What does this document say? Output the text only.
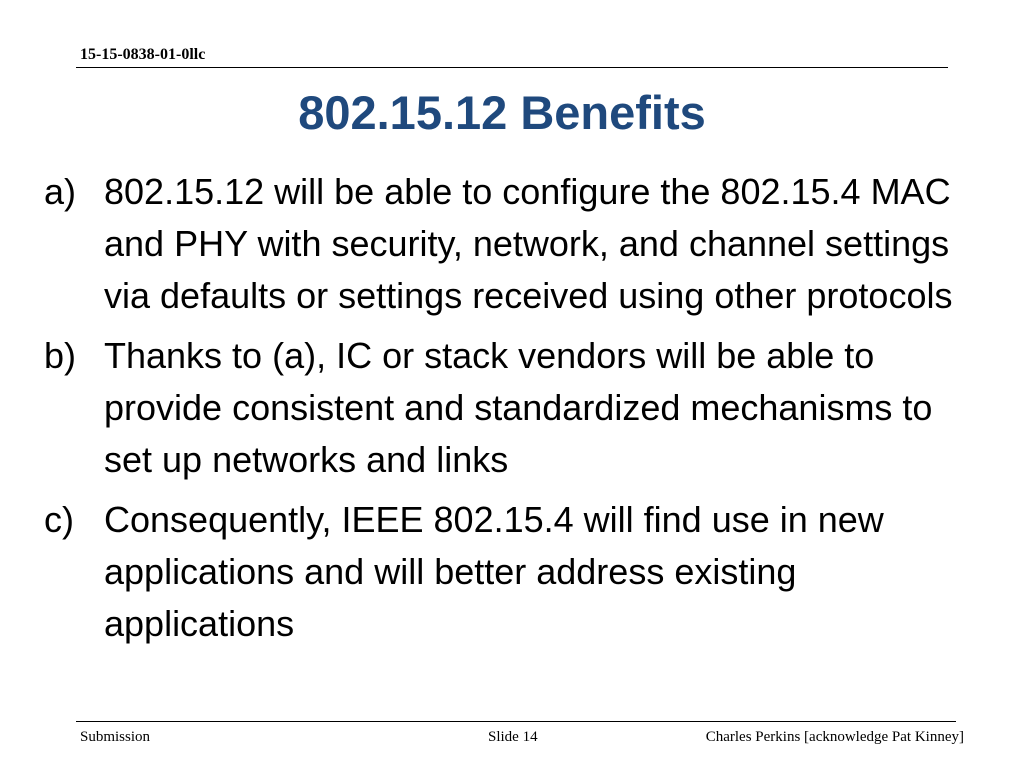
15-15-0838-01-0llc
802.15.12 Benefits
a) 802.15.12 will be able to configure the 802.15.4 MAC and PHY with security, network, and channel settings via defaults or settings received using other protocols
b) Thanks to (a), IC or stack vendors will be able to provide consistent and standardized mechanisms to set up networks and links
c) Consequently, IEEE 802.15.4 will find use in new applications and will better address existing applications
Submission	Slide 14	Charles Perkins [acknowledge Pat Kinney]
